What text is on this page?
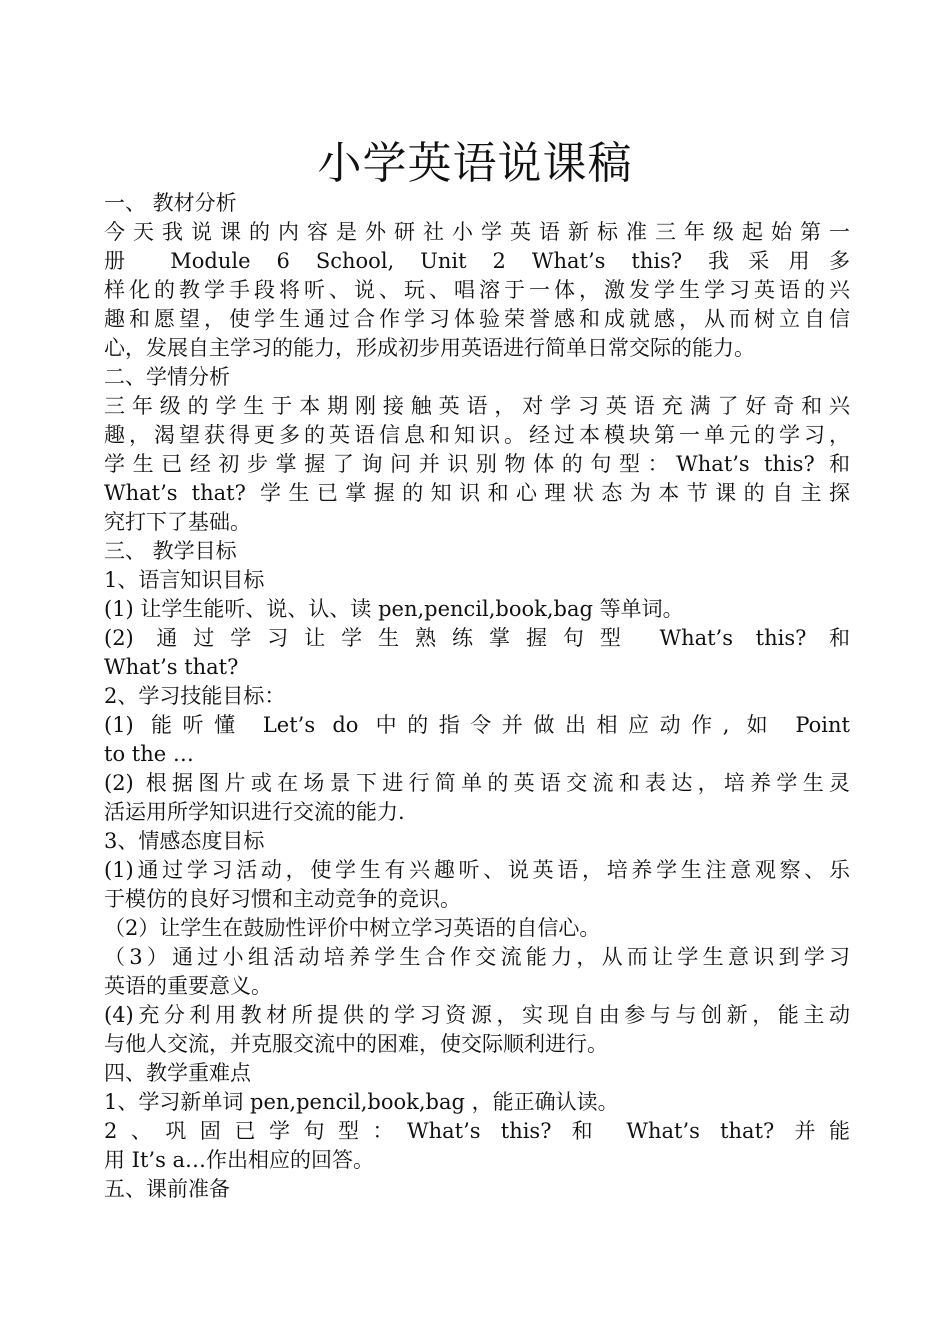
小学英语说课稿
一、 教材分析
今天我说课的内容是外研社小学英语新标准三年级起始第一
册 Module 6 School, Unit 2 What’s this? 我采用多
样化的教学手段将听、说、玩、唱溶于一体，激发学生学习英语的兴
趣和愿望，使学生通过合作学习体验荣誉感和成就感，从而树立自信
心，发展自主学习的能力，形成初步用英语进行简单日常交际的能力。
二、学情分析
三年级的学生于本期刚接触英语，对学习英语充满了好奇和兴
趣，渴望获得更多的英语信息和知识。经过本模块第一单元的学习，
学生已经初步掌握了询问并识别物体的句型：What’s this? 和
What’s that? 学生已掌握的知识和心理状态为本节课的自主探
究打下了基础。
三、 教学目标
1、语言知识目标
(1) 让学生能听、说、认、读 pen,pencil,book,bag 等单词。
(2) 通过学习让学生熟练掌握句型 What’s this? 和
What’s that?
2、学习技能目标：
(1) 能听懂 Let’s do 中的指令并做出相应动作, 如 Point
to the …
(2) 根据图片或在场景下进行简单的英语交流和表达，培养学生灵
活运用所学知识进行交流的能力.
3、情感态度目标
(1)通过学习活动，使学生有兴趣听、说英语，培养学生注意观察、乐
于模仿的良好习惯和主动竞争的竞识。
（2）让学生在鼓励性评价中树立学习英语的自信心。
（3）通过小组活动培养学生合作交流能力，从而让学生意识到学习
英语的重要意义。
(4)充分利用教材所提供的学习资源，实现自由参与与创新，能主动
与他人交流，并克服交流中的困难，使交际顺利进行。
四、教学重难点
1、学习新单词 pen,pencil,book,bag ，能正确认读。
2、巩固已学句型：What’s this? 和 What’s that? 并能
用 It’s a…作出相应的回答。
五、课前准备
